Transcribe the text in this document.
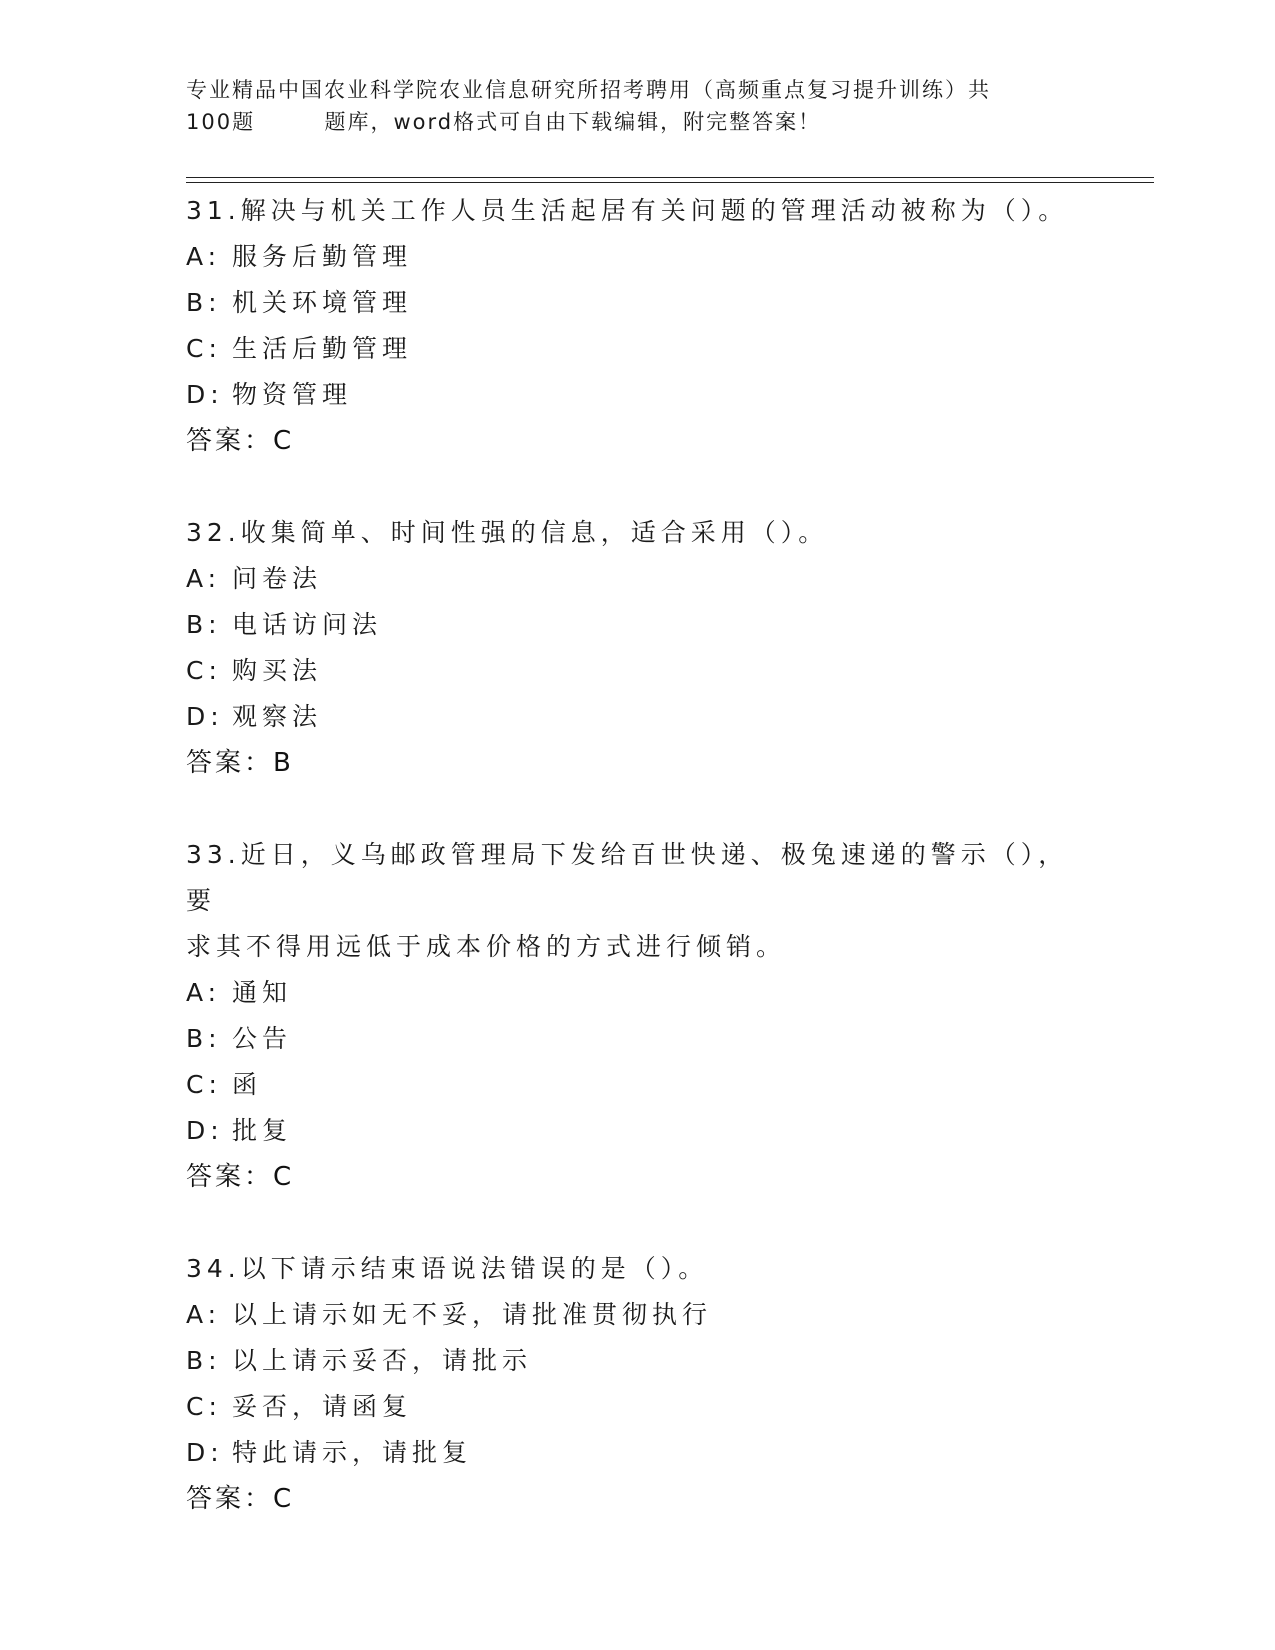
专业精品中国农业科学院农业信息研究所招考聘用（高频重点复习提升训练）共
100题        题库，word格式可自由下载编辑，附完整答案！
31.解决与机关工作人员生活起居有关问题的管理活动被称为（）。
A: 服务后勤管理
B: 机关环境管理
C: 生活后勤管理
D: 物资管理
答案：C
32.收集简单、时间性强的信息，适合采用（）。
A: 问卷法
B: 电话访问法
C: 购买法
D: 观察法
答案：B
33.近日，义乌邮政管理局下发给百世快递、极兔速递的警示（），要
求其不得用远低于成本价格的方式进行倾销。
A: 通知
B: 公告
C: 函
D: 批复
答案：C
34.以下请示结束语说法错误的是（）。
A: 以上请示如无不妥，请批准贯彻执行
B: 以上请示妥否，请批示
C: 妥否，请函复
D: 特此请示，请批复
答案：C
